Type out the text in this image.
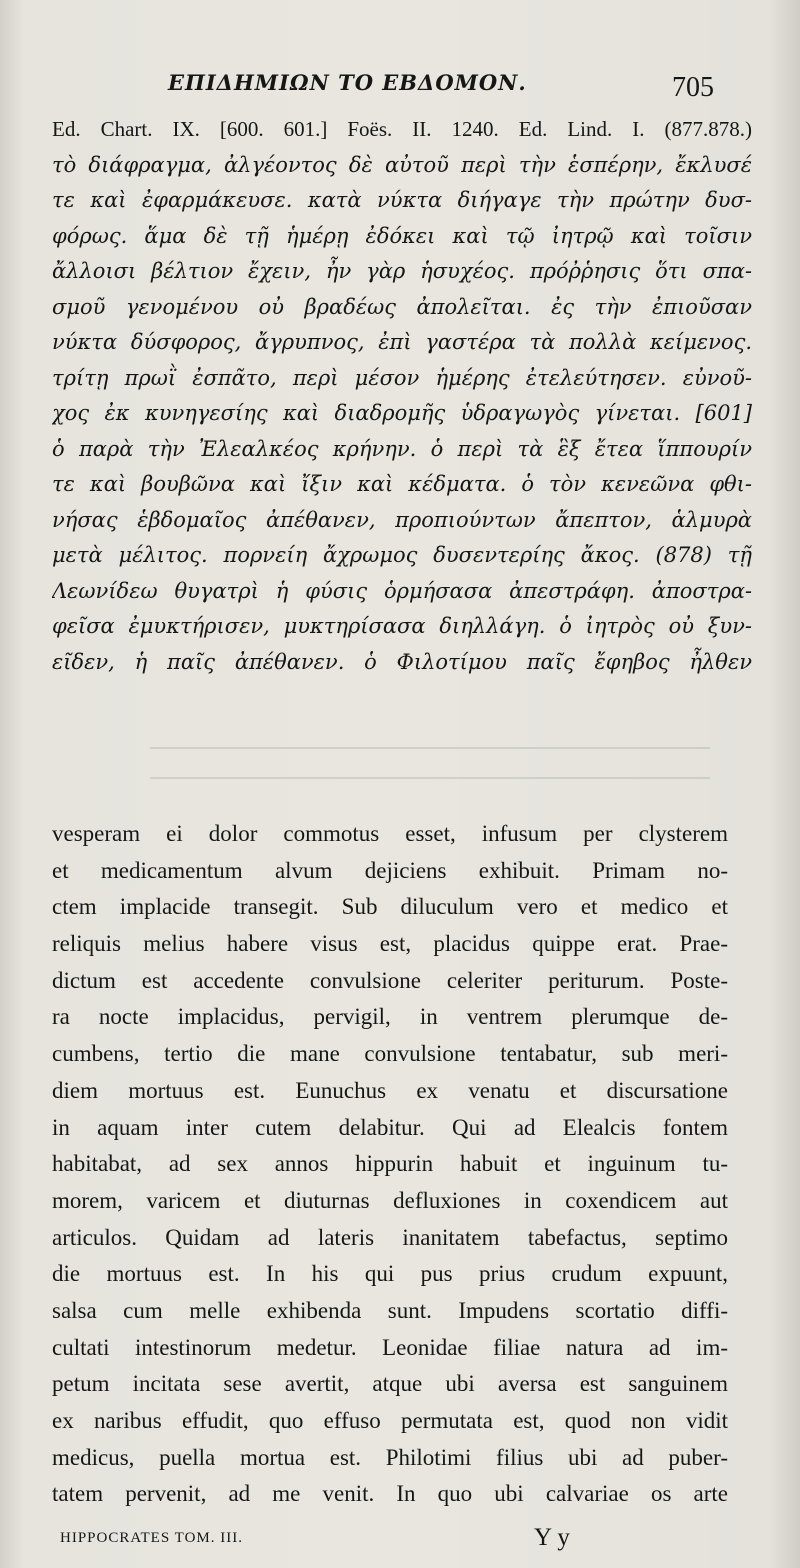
ΕΠΙΔΗΜΙΩΝ ΤΟ ΕΒΔΟΜΟΝ.	705
Ed. Chart. IX. [600. 601.] Foës. II. 1240. Ed. Lind. I. (877.878.)
τὸ διάφραγμα, ἀλγέοντος δὲ αὐτοῦ περὶ τὴν ἑσπέρην, ἔκλυσέ
τε καὶ ἐφαρμάκευσε. κατὰ νύκτα διήγαγε τὴν πρώτην δυσ-
φόρως. ἅμα δὲ τῇ ἡμέρῃ ἐδόκει καὶ τῷ ἰητρῷ καὶ τοῖσιν
ἄλλοισι βέλτιον ἔχειν, ἦν γὰρ ἡσυχέος. πρόῤῥησις ὅτι σπα-
σμοῦ γενομένου οὐ βραδέως ἀπολεῖται. ἐς τὴν ἐπιοῦσαν
νύκτα δύσφορος, ἄγρυπνος, ἐπὶ γαστέρα τὰ πολλὰ κείμενος.
τρίτῃ πρωῒ ἐσπᾶτο, περὶ μέσον ἡμέρης ἐτελεύτησεν. εὐνοῦ-
χος ἐκ κυνηγεσίης καὶ διαδρομῆς ὑδραγωγὸς γίνεται. [601]
ὁ παρὰ τὴν Ἐλεαλκέος κρήνην. ὁ περὶ τὰ ἓξ ἔτεα ἵππουρίν
τε καὶ βουβῶνα καὶ ἴξιν καὶ κέδματα. ὁ τὸν κενεῶνα φθι-
νήσας ἑβδομαῖος ἀπέθανεν, προπιούντων ἄπεπτον, ἁλμυρὰ
μετὰ μέλιτος. πορνείη ἄχρωμος δυσεντερίης ἄκος. (878) τῇ
Λεωνίδεω θυγατρὶ ἡ φύσις ὁρμήσασα ἀπεστράφη. ἀποστρα-
φεῖσα ἐμυκτήρισεν, μυκτηρίσασα διηλλάγη. ὁ ἰητρὸς οὐ ξυν-
εῖδεν, ἡ παῖς ἀπέθανεν. ὁ Φιλοτίμου παῖς ἔφηβος ἦλθεν
vesperam ei dolor commotus esset, infusum per clysterem
et medicamentum alvum dejiciens exhibuit. Primam no-
ctem implacide transegit. Sub diluculum vero et medico et
reliquis melius habere visus est, placidus quippe erat. Prae-
dictum est accedente convulsione celeriter periturum. Poste-
ra nocte implacidus, pervigil, in ventrem plerumque de-
cumbens, tertio die mane convulsione tentabatur, sub meri-
diem mortuus est. Eunuchus ex venatu et discursatione
in aquam inter cutem delabitur. Qui ad Elealcis fontem
habitabat, ad sex annos hippurin habuit et inguinum tu-
morem, varicem et diuturnas defluxiones in coxendicem aut
articulos. Quidam ad lateris inanitatem tabefactus, septimo
die mortuus est. In his qui pus prius crudum expuunt,
salsa cum melle exhibenda sunt. Impudens scortatio diffi-
cultati intestinorum medetur. Leonidae filiae natura ad im-
petum incitata sese avertit, atque ubi aversa est sanguinem
ex naribus effudit, quo effuso permutata est, quod non vidit
medicus, puella mortua est. Philotimi filius ubi ad puber-
tatem pervenit, ad me venit. In quo ubi calvariae os arte
HIPPOCRATES TOM. III.	Y y
